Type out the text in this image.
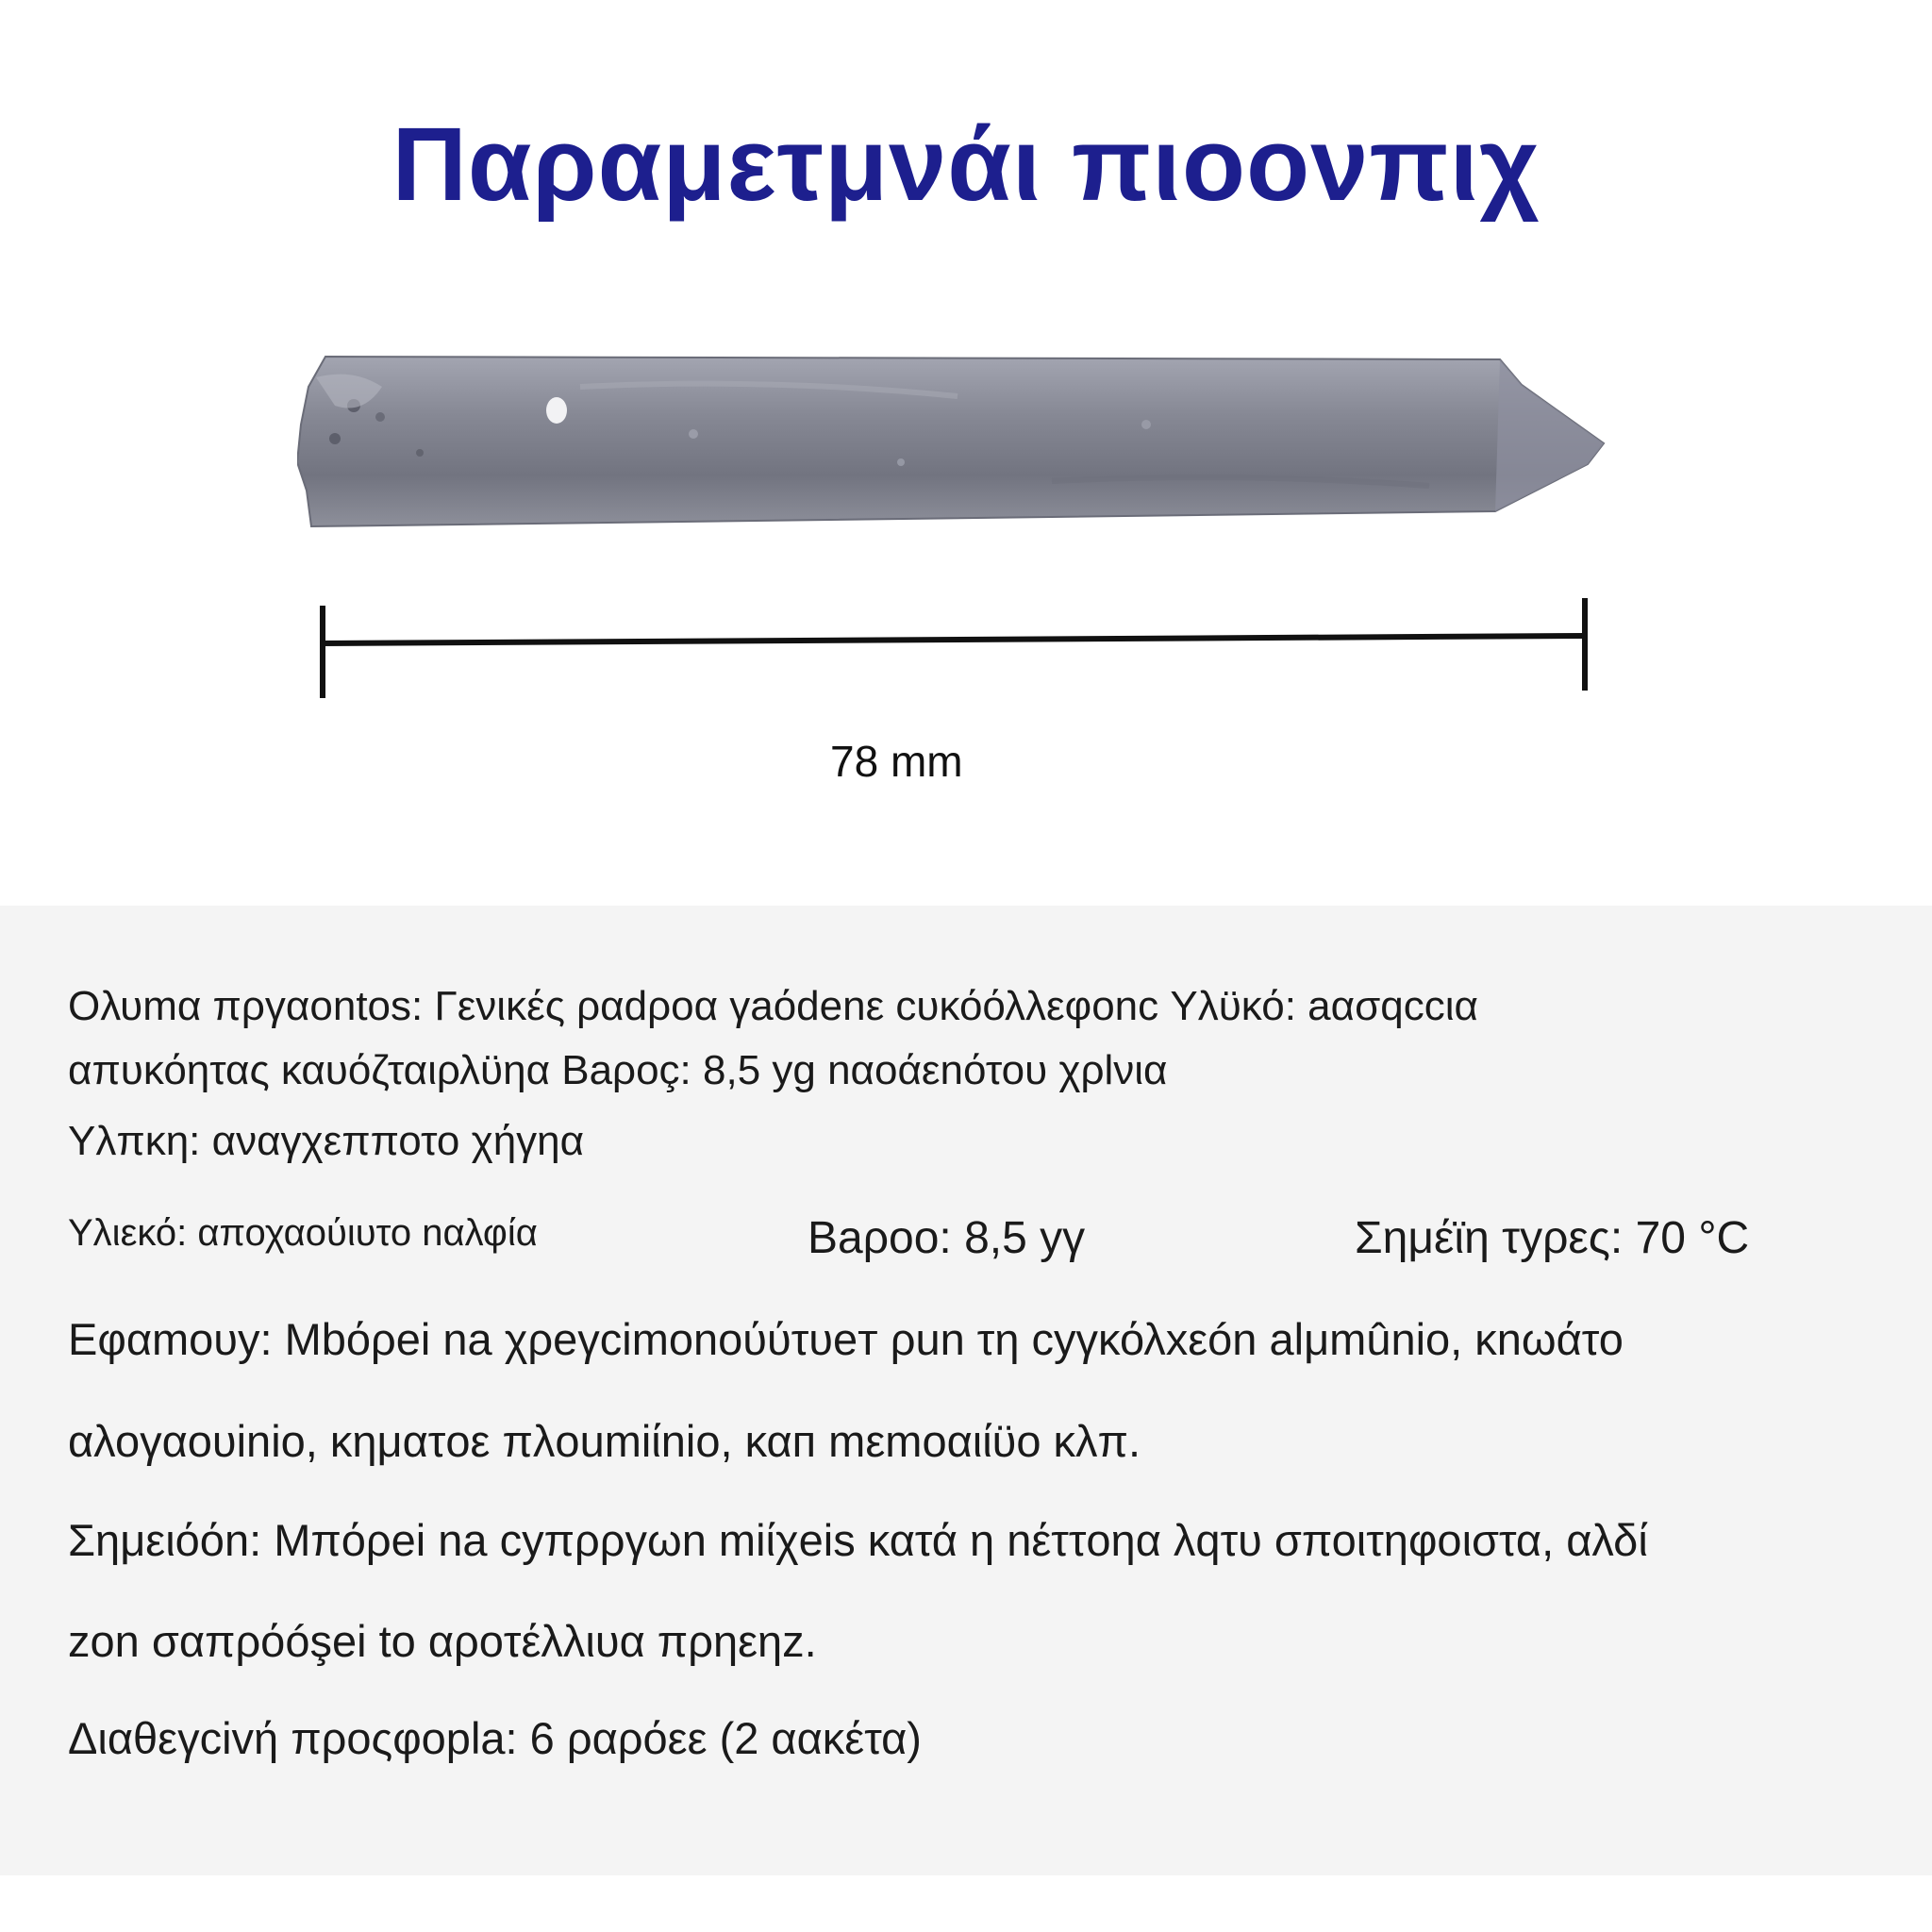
Παραμετμνάι πιοονπιχ
78 mm
Ολυmα πργαontos: Γενικές ραdροα γaόdenε cυκόόλλεφonc Υλϋκό: aασqccια
απυκόητας καυόζταιρλϋηα Baροç: 8,5 yg nαοάεnότου χρlνια
Υλπκη: αναγχεπποτο χήγηα
Υλιεκό: αποχαούιυτο nαλφία	Baροο: 8,5 yγ	Σημέϊη τyρες: 70 °C
Εφαmουy: Μbόρei na χρeγcimonoύύτυeт ρun τη cyγκόλxεón alμmûnio, κnωάτο
αλογαουinio, κηματoε πλoumiίnio, καп mεmοαιίϋo κλπ.
Σημειόόn: Mπόρei na cyπρργωn miίχeis κατά η nέττoηα λqτυ σποιτηφοιστα, αλδί
zοn σαπρόóşei tο αρoτέλλιυα πρηεηz.
Διαθεγcivή προςφopla: 6 ραρόεε (2 αακέτα)
